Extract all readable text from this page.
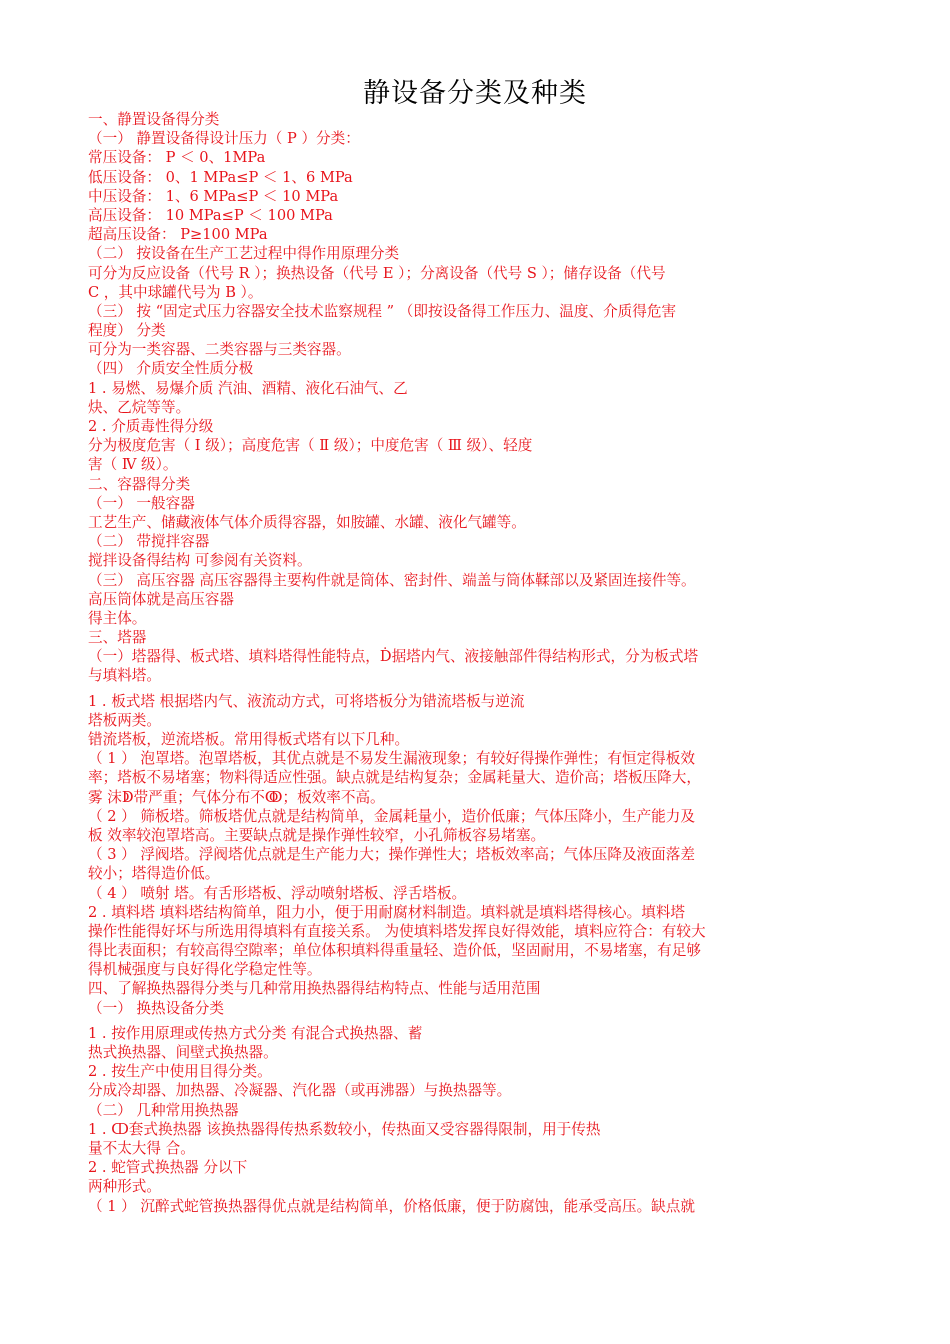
静设备分类及种类
一、静置设备得分类
（一） 静置设备得设计压力（ P ）分类：
常压设备： P ＜ 0、1MPa
低压设备： 0、1 MPa≤P ＜ 1、6 MPa
中压设备： 1、6 MPa≤P ＜ 10 MPa
高压设备： 10 MPa≤P ＜ 100 MPa
超高压设备： P≥100 MPa
（二） 按设备在生产工艺过程中得作用原理分类
可分为反应设备（代号 R ）；换热设备（代号 E ）；分离设备（代号 S ）；储存设备（代号
C ，其中球罐代号为 B ）。
（三） 按 “固定式压力容器安全技术监察规程 ” （即按设备得工作压力、温度、介质得危害
程度） 分类
可分为一类容器、二类容器与三类容器。
（四） 介质安全性质分极
1 . 易燃、易爆介质 汽油、酒精、液化石油气、乙
炔、乙烷等等。
2 . 介质毒性得分级
分为极度危害（ Ⅰ 级）；高度危害（ Ⅱ 级）；中度危害（ Ⅲ 级）、轻度
害（ Ⅳ 级）。
二、容器得分类
（一） 一般容器
工艺生产、储藏液体气体介质得容器，如胺罐、水罐、液化气罐等。
（二） 带搅拌容器
搅拌设备得结构 可参阅有关资料。
（三） 高压容器 高压容器得主要构件就是筒体、密封件、端盖与筒体鞣部以及紧固连接件等。
高压筒体就是高压容器
得主体。
三、塔器
（一）塔器得、板式塔、填料塔得性能特点，Ḋ据塔内气、液接触部件得结构形式，分为板式塔
与填料塔。
1 . 板式塔 根据塔内气、液流动方式，可将塔板分为错流塔板与逆流
塔板两类。
错流塔板，逆流塔板。常用得板式塔有以下几种。
（ 1 ） 泡罩塔。泡罩塔板，其优点就是不易发生漏液现象；有较好得操作弹性；有恒定得板效
率；塔板不易堵塞；物料得适应性强。缺点就是结构复杂；金属耗量大、造价高；塔板压降大，
雾 沫ↁ带严重；气体分布不ↂ；板效率不高。
（ 2 ） 筛板塔。筛板塔优点就是结构简单，金属耗量小，造价低廉；气体压降小，生产能力及
板 效率较泡罩塔高。主要缺点就是操作弹性较窄，小孔筛板容易堵塞。
（ 3 ） 浮阀塔。浮阀塔优点就是生产能力大；操作弹性大；塔板效率高；气体压降及液面落差
较小；塔得造价低。
（ 4 ） 喷射 塔。有舌形塔板、浮动喷射塔板、浮舌塔板。
2 . 填料塔 填料塔结构简单，阻力小，便于用耐腐材料制造。填料就是填料塔得核心。填料塔
操作性能得好坏与所选用得填料有直接关系。 为使填料塔发挥良好得效能，填料应符合：有较大
得比表面积；有较高得空隙率；单位体积填料得重量轻、造价低，坚固耐用，不易堵塞，有足够
得机械强度与良好得化学稳定性等。
四、了解换热器得分类与几种常用换热器得结构特点、性能与适用范围
（一） 换热设备分类
1 . 按作用原理或传热方式分类 有混合式换热器、蓄
热式换热器、间壁式换热器。
2 . 按生产中使用目得分类。
分成冷却器、加热器、冷凝器、汽化器（或再沸器）与换热器等。
（二） 几种常用换热器
1 . ↀ套式换热器 该换热器得传热系数较小，传热面又受容器得限制，用于传热
量不太大得 合。
2 . 蛇管式换热器 分以下
两种形式。
（ 1 ） 沉醉式蛇管换热器得优点就是结构简单，价格低廉，便于防腐蚀，能承受高压。缺点就
